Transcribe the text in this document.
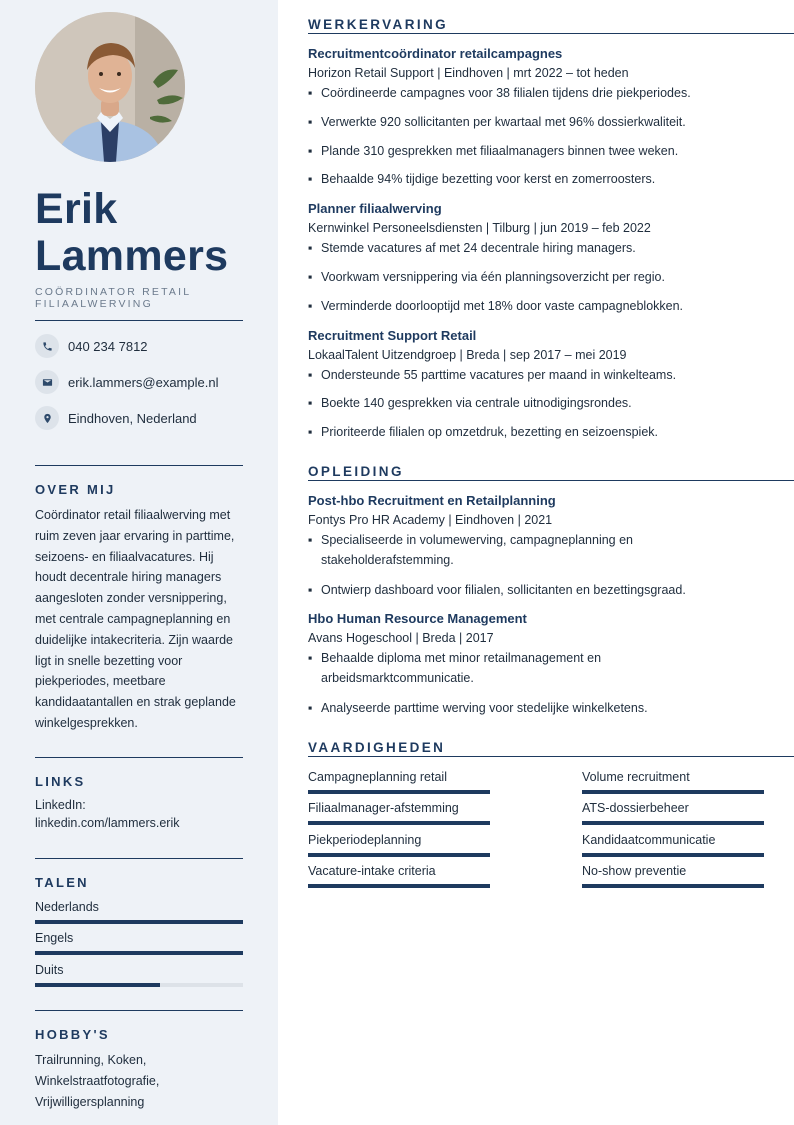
Erik
Lammers
COÖRDINATOR RETAIL
FILIAALWERVING
040 234 7812
erik.lammers@example.nl
Eindhoven, Nederland
OVER MIJ
Coördinator retail filiaalwerving met ruim zeven jaar ervaring in parttime, seizoens- en filiaalvacatures. Hij houdt decentrale hiring managers aangesloten zonder versnippering, met centrale campagneplanning en duidelijke intakecriteria. Zijn waarde ligt in snelle bezetting voor piekperiodes, meetbare kandidaatantallen en strak geplande winkelgesprekken.
LINKS
LinkedIn:
linkedin.com/lammers.erik
TALEN
Nederlands
Engels
Duits
HOBBY'S
Trailrunning, Koken,
Winkelstraatfotografie,
Vrijwilligersplanning
WERKERVARING
Recruitmentcoördinator retailcampagnes
Horizon Retail Support | Eindhoven | mrt 2022 – tot heden
▪ Coördineerde campagnes voor 38 filialen tijdens drie piekperiodes.
▪ Verwerkte 920 sollicitanten per kwartaal met 96% dossierkwaliteit.
▪ Plande 310 gesprekken met filiaalmanagers binnen twee weken.
▪ Behaalde 94% tijdige bezetting voor kerst en zomerroosters.
Planner filiaalwerving
Kernwinkel Personeelsdiensten | Tilburg | jun 2019 – feb 2022
▪ Stemde vacatures af met 24 decentrale hiring managers.
▪ Voorkwam versnippering via één planningsoverzicht per regio.
▪ Verminderde doorlooptijd met 18% door vaste campagneblokken.
Recruitment Support Retail
LokaalTalent Uitzendgroep | Breda | sep 2017 – mei 2019
▪ Ondersteunde 55 parttime vacatures per maand in winkelteams.
▪ Boekte 140 gesprekken via centrale uitnodigingsrondes.
▪ Prioriteerde filialen op omzetdruk, bezetting en seizoenspiek.
OPLEIDING
Post-hbo Recruitment en Retailplanning
Fontys Pro HR Academy | Eindhoven | 2021
▪ Specialiseerde in volumewerving, campagneplanning en
stakeholderafstemming.
▪ Ontwierp dashboard voor filialen, sollicitanten en bezettingsgraad.
Hbo Human Resource Management
Avans Hogeschool | Breda | 2017
▪ Behaalde diploma met minor retailmanagement en
arbeidsmarktcommunicatie.
▪ Analyseerde parttime werving voor stedelijke winkelketens.
VAARDIGHEDEN
Campagneplanning retail	Volume recruitment
Filiaalmanager-afstemming	ATS-dossierbeheer
Piekperiodeplanning	Kandidaatcommunicatie
Vacature-intake criteria	No-show preventie
